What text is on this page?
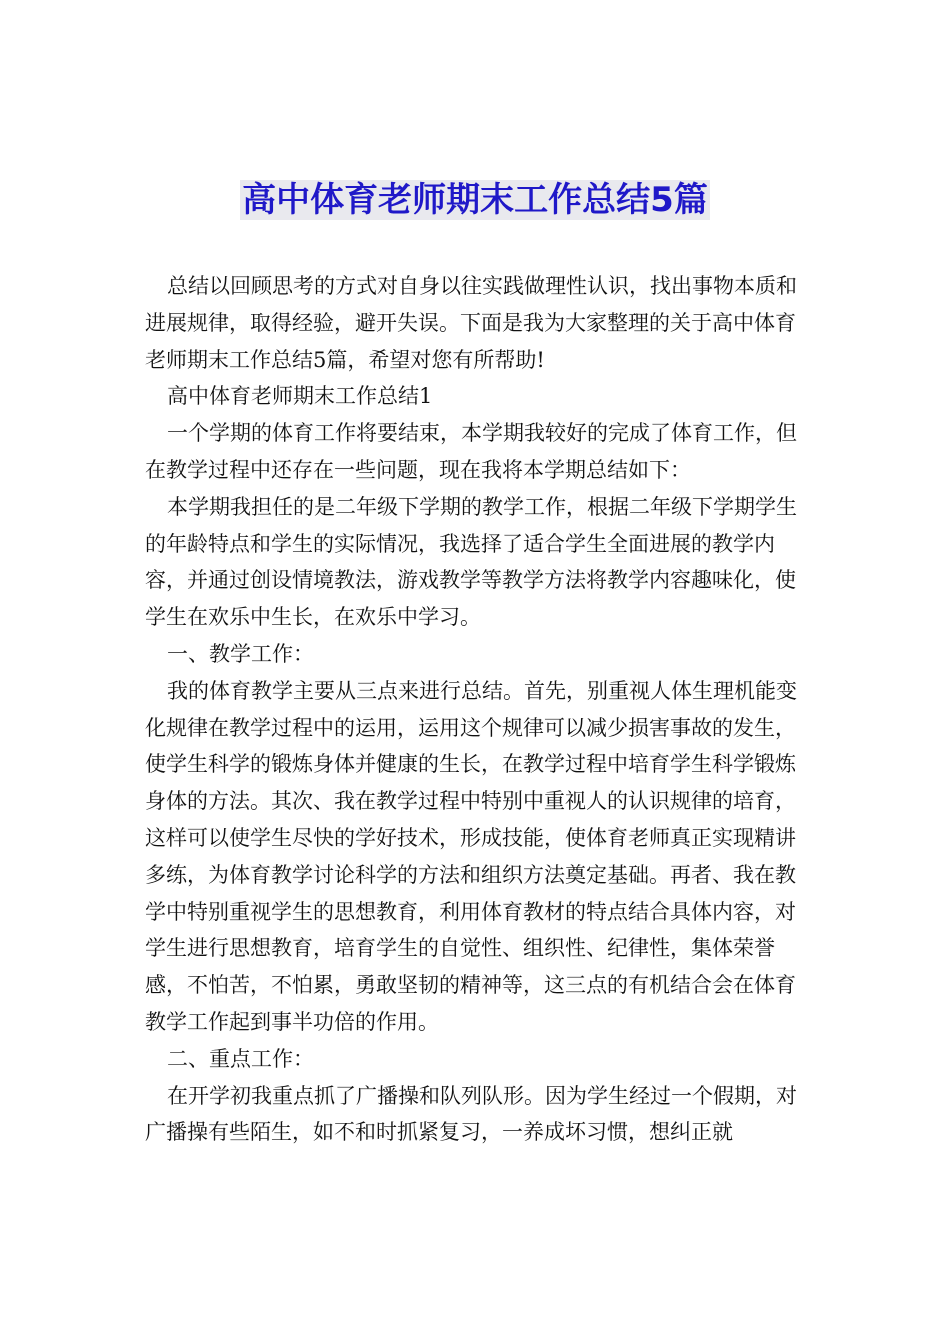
高中体育老师期末工作总结5篇

总结以回顾思考的方式对自身以往实践做理性认识，找出事物本质和进展规律，取得经验，避开失误。下面是我为大家整理的关于高中体育老师期末工作总结5篇，希望对您有所帮助!

高中体育老师期末工作总结1

一个学期的体育工作将要结束，本学期我较好的完成了体育工作，但在教学过程中还存在一些问题，现在我将本学期总结如下：

本学期我担任的是二年级下学期的教学工作，根据二年级下学期学生的年龄特点和学生的实际情况，我选择了适合学生全面进展的教学内容，并通过创设情境教法，游戏教学等教学方法将教学内容趣味化，使学生在欢乐中生长，在欢乐中学习。

一、教学工作：

我的体育教学主要从三点来进行总结。首先，别重视人体生理机能变化规律在教学过程中的运用，运用这个规律可以减少损害事故的发生，使学生科学的锻炼身体并健康的生长，在教学过程中培育学生科学锻炼身体的方法。其次、我在教学过程中特别中重视人的认识规律的培育，这样可以使学生尽快的学好技术，形成技能，使体育老师真正实现精讲多练，为体育教学讨论科学的方法和组织方法奠定基础。再者、我在教学中特别重视学生的思想教育，利用体育教材的特点结合具体内容，对学生进行思想教育，培育学生的自觉性、组织性、纪律性，集体荣誉感，不怕苦，不怕累，勇敢坚韧的精神等，这三点的有机结合会在体育教学工作起到事半功倍的作用。

二、重点工作：

在开学初我重点抓了广播操和队列队形。因为学生经过一个假期，对广播操有些陌生，如不和时抓紧复习，一养成坏习惯，想纠正就
